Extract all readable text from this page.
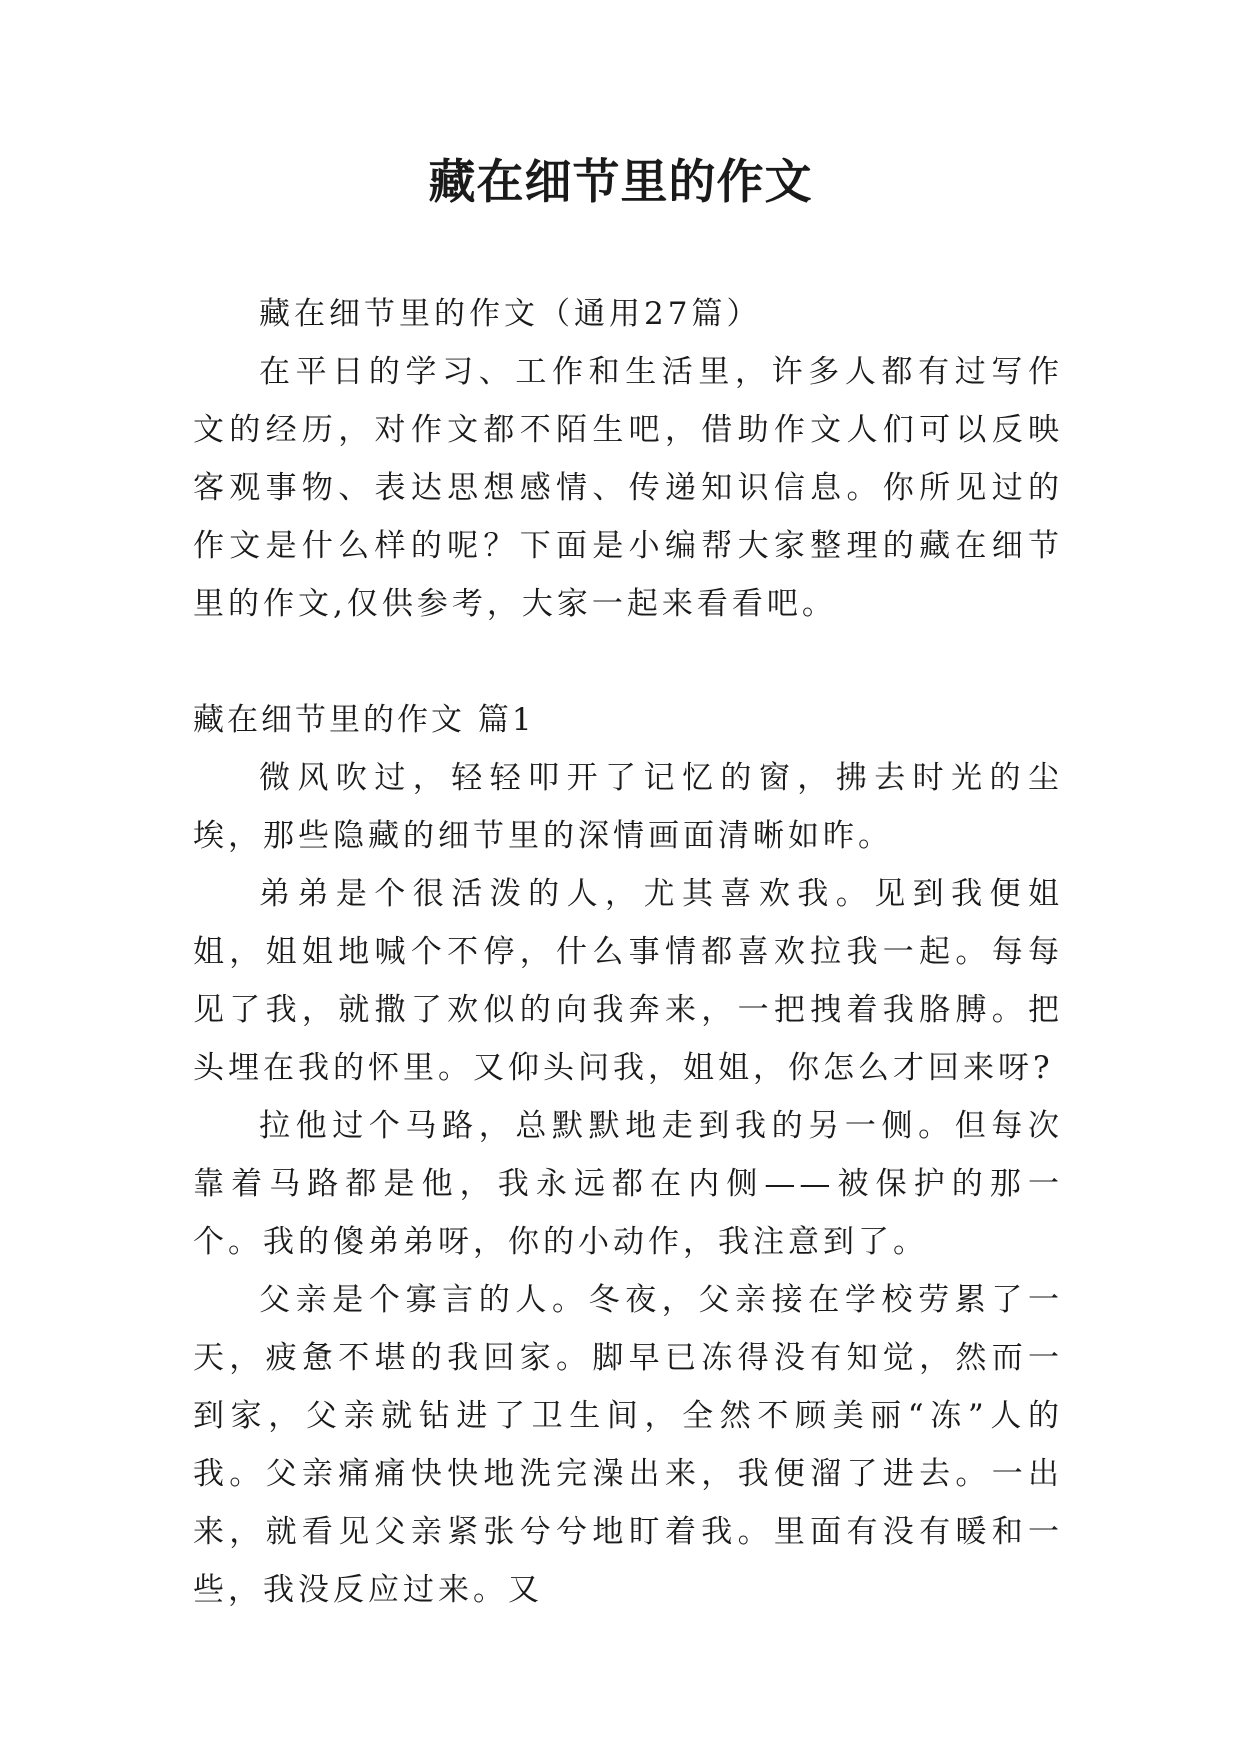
藏在细节里的作文

藏在细节里的作文（通用27篇）

在平日的学习、工作和生活里，许多人都有过写作文的经历，对作文都不陌生吧，借助作文人们可以反映客观事物、表达思想感情、传递知识信息。你所见过的作文是什么样的呢？下面是小编帮大家整理的藏在细节里的作文,仅供参考，大家一起来看看吧。

藏在细节里的作文 篇1

微风吹过，轻轻叩开了记忆的窗，拂去时光的尘埃，那些隐藏的细节里的深情画面清晰如昨。

弟弟是个很活泼的人，尤其喜欢我。见到我便姐姐，姐姐地喊个不停，什么事情都喜欢拉我一起。每每见了我，就撒了欢似的向我奔来，一把拽着我胳膊。把头埋在我的怀里。又仰头问我，姐姐，你怎么才回来呀?

拉他过个马路，总默默地走到我的另一侧。但每次靠着马路都是他，我永远都在内侧——被保护的那一个。我的傻弟弟呀，你的小动作，我注意到了。

父亲是个寡言的人。冬夜，父亲接在学校劳累了一天，疲惫不堪的我回家。脚早已冻得没有知觉，然而一到家，父亲就钻进了卫生间，全然不顾美丽“冻”人的我。父亲痛痛快快地洗完澡出来，我便溜了进去。一出来，就看见父亲紧张兮兮地盯着我。里面有没有暖和一些，我没反应过来。又
